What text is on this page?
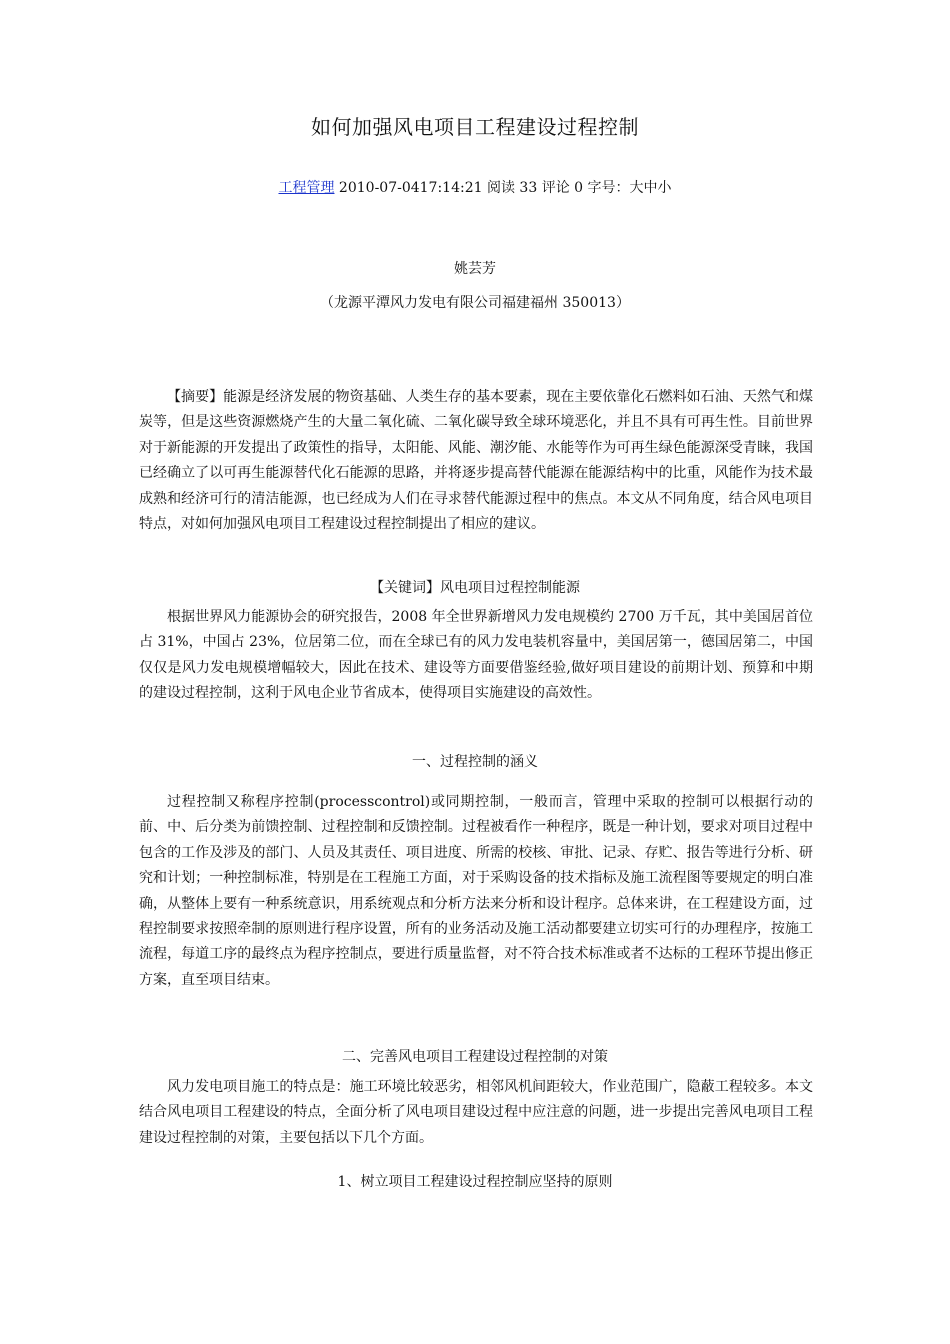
如何加强风电项目工程建设过程控制
工程管理 2010-07-0417:14:21 阅读 33 评论 0 字号：大中小
姚芸芳
（龙源平潭风力发电有限公司福建福州 350013）

【摘要】能源是经济发展的物资基础、人类生存的基本要素，现在主要依靠化石燃料如石油、天然气和煤炭等，但是这些资源燃烧产生的大量二氧化硫、二氧化碳导致全球环境恶化，并且不具有可再生性。目前世界对于新能源的开发提出了政策性的指导，太阳能、风能、潮汐能、水能等作为可再生绿色能源深受青睐，我国已经确立了以可再生能源替代化石能源的思路，并将逐步提高替代能源在能源结构中的比重，风能作为技术最成熟和经济可行的清洁能源，也已经成为人们在寻求替代能源过程中的焦点。本文从不同角度，结合风电项目特点，对如何加强风电项目工程建设过程控制提出了相应的建议。

【关键词】风电项目过程控制能源

根据世界风力能源协会的研究报告，2008 年全世界新增风力发电规模约 2700 万千瓦，其中美国居首位占 31%，中国占 23%，位居第二位，而在全球已有的风力发电装机容量中，美国居第一，德国居第二，中国仅仅是风力发电规模增幅较大，因此在技术、建设等方面要借鉴经验,做好项目建设的前期计划、预算和中期的建设过程控制，这利于风电企业节省成本，使得项目实施建设的高效性。

一、过程控制的涵义

过程控制又称程序控制(processcontrol)或同期控制，一般而言，管理中采取的控制可以根据行动的前、中、后分类为前馈控制、过程控制和反馈控制。过程被看作一种程序，既是一种计划，要求对项目过程中包含的工作及涉及的部门、人员及其责任、项目进度、所需的校核、审批、记录、存贮、报告等进行分析、研究和计划；一种控制标准，特别是在工程施工方面，对于采购设备的技术指标及施工流程图等要规定的明白准确，从整体上要有一种系统意识，用系统观点和分析方法来分析和设计程序。总体来讲，在工程建设方面，过程控制要求按照牵制的原则进行程序设置，所有的业务活动及施工活动都要建立切实可行的办理程序，按施工流程，每道工序的最终点为程序控制点，要进行质量监督，对不符合技术标准或者不达标的工程环节提出修正方案，直至项目结束。

二、完善风电项目工程建设过程控制的对策

风力发电项目施工的特点是：施工环境比较恶劣，相邻风机间距较大，作业范围广，隐蔽工程较多。本文结合风电项目工程建设的特点，全面分析了风电项目建设过程中应注意的问题，进一步提出完善风电项目工程建设过程控制的对策，主要包括以下几个方面。

1、树立项目工程建设过程控制应坚持的原则
